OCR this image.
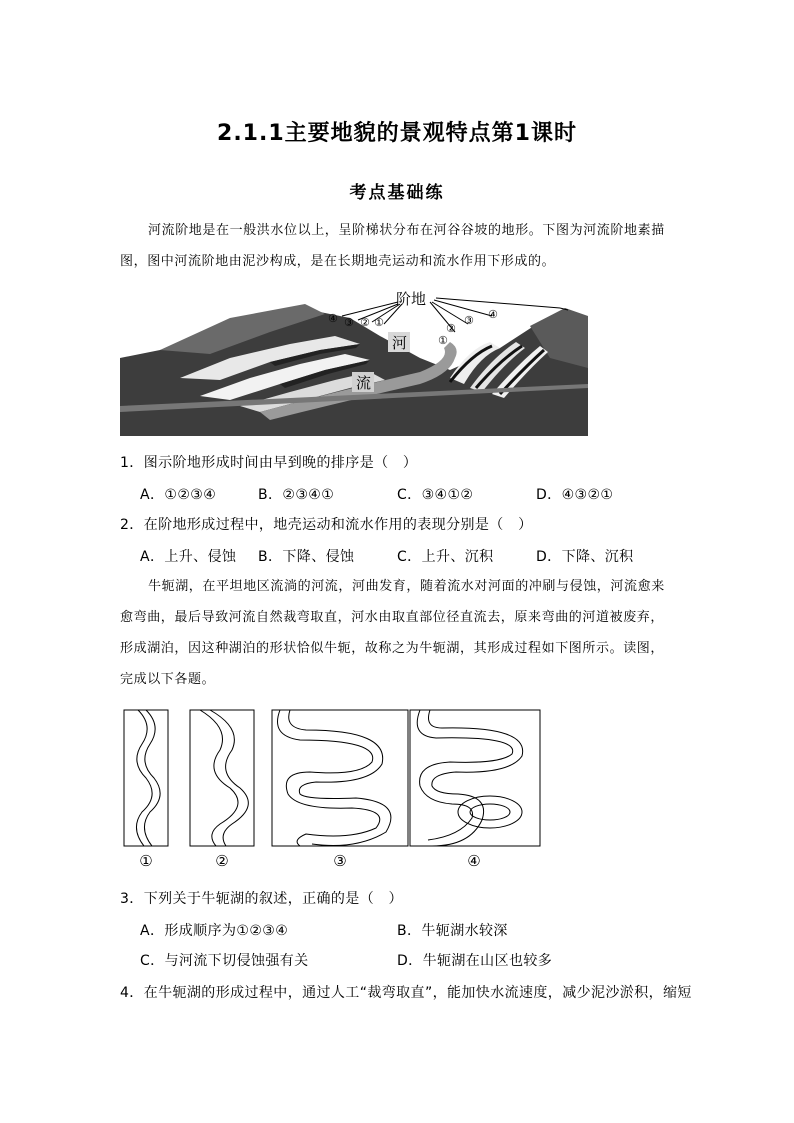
2.1.1主要地貌的景观特点第1课时
考点基础练
河流阶地是在一般洪水位以上，呈阶梯状分布在河谷谷坡的地形。下图为河流阶地素描
图，图中河流阶地由泥沙构成，是在长期地壳运动和流水作用下形成的。
阶地
河
流
④ ③ ② ①
①
②
③ ④
1．图示阶地形成时间由早到晚的排序是（　）
A．①②③④	B．②③④①	C．③④①②	D．④③②①
2．在阶地形成过程中，地壳运动和流水作用的表现分别是（　）
A．上升、侵蚀 B．下降、侵蚀	C．上升、沉积	D．下降、沉积
牛轭湖，在平坦地区流淌的河流，河曲发育，随着流水对河面的冲刷与侵蚀，河流愈来
愈弯曲，最后导致河流自然裁弯取直，河水由取直部位径直流去，原来弯曲的河道被废弃，
形成湖泊，因这种湖泊的形状恰似牛轭，故称之为牛轭湖，其形成过程如下图所示。读图，
完成以下各题。
①	②	③	④
3．下列关于牛轭湖的叙述，正确的是（　）
A．形成顺序为①②③④	B．牛轭湖水较深
C．与河流下切侵蚀强有关	D．牛轭湖在山区也较多
4．在牛轭湖的形成过程中，通过人工“裁弯取直”，能加快水流速度，减少泥沙淤积，缩短
